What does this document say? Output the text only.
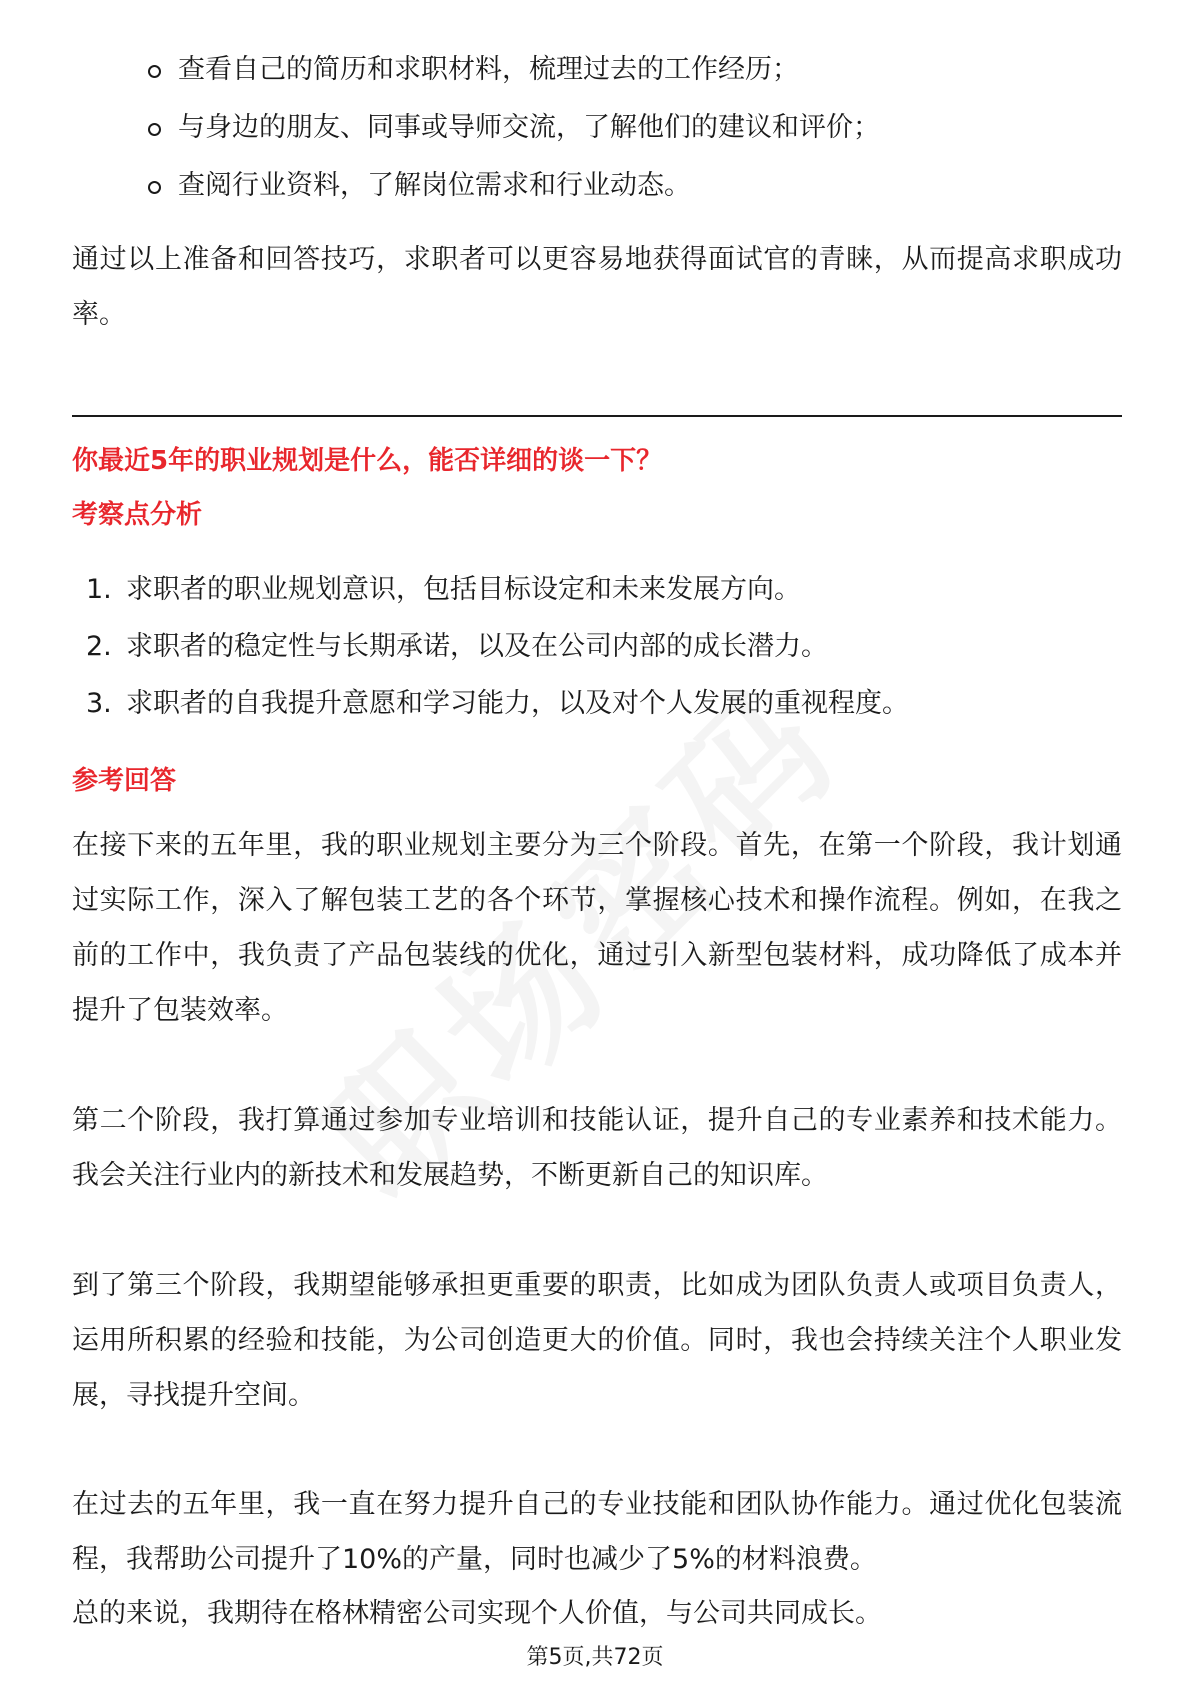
查看自己的简历和求职材料，梳理过去的工作经历；
与身边的朋友、同事或导师交流，了解他们的建议和评价；
查阅行业资料，了解岗位需求和行业动态。

通过以上准备和回答技巧，求职者可以更容易地获得面试官的青睐，从而提高求职成功率。

你最近5年的职业规划是什么，能否详细的谈一下？
考察点分析
1. 求职者的职业规划意识，包括目标设定和未来发展方向。
2. 求职者的稳定性与长期承诺，以及在公司内部的成长潜力。
3. 求职者的自我提升意愿和学习能力，以及对个人发展的重视程度。
参考回答

在接下来的五年里，我的职业规划主要分为三个阶段。首先，在第一个阶段，我计划通过实际工作，深入了解包装工艺的各个环节，掌握核心技术和操作流程。例如，在我之前的工作中，我负责了产品包装线的优化，通过引入新型包装材料，成功降低了成本并提升了包装效率。

第二个阶段，我打算通过参加专业培训和技能认证，提升自己的专业素养和技术能力。我会关注行业内的新技术和发展趋势，不断更新自己的知识库。

到了第三个阶段，我期望能够承担更重要的职责，比如成为团队负责人或项目负责人，运用所积累的经验和技能，为公司创造更大的价值。同时，我也会持续关注个人职业发展，寻找提升空间。

在过去的五年里，我一直在努力提升自己的专业技能和团队协作能力。通过优化包装流程，我帮助公司提升了10%的产量，同时也减少了5%的材料浪费。

总的来说，我期待在格林精密公司实现个人价值，与公司共同成长。

第5页,共72页
